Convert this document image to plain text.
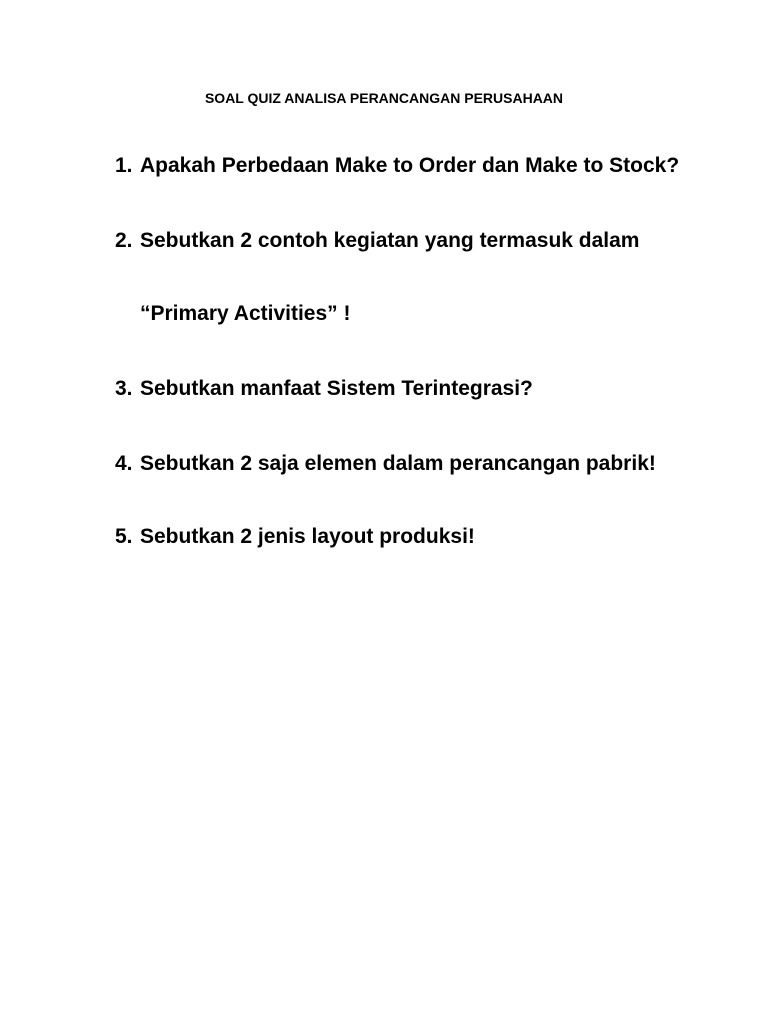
SOAL QUIZ ANALISA PERANCANGAN PERUSAHAAN
1. Apakah Perbedaan Make to Order dan Make to Stock?
2. Sebutkan 2 contoh kegiatan yang termasuk dalam
“Primary Activities” !
3. Sebutkan manfaat Sistem Terintegrasi?
4. Sebutkan 2 saja elemen dalam perancangan pabrik!
5. Sebutkan 2 jenis layout produksi!
